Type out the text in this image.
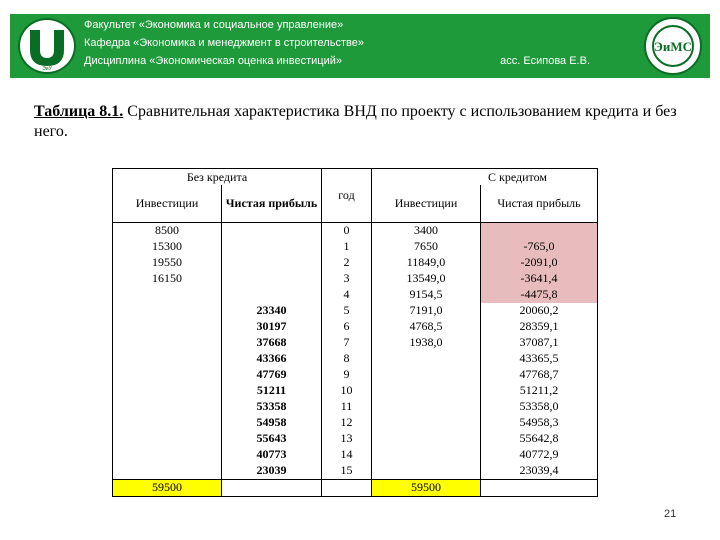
ЭиУ
Факультет «Экономика и социальное управление»
Кафедра «Экономика и менеджмент в строительстве»
Дисциплина «Экономическая оценка инвестиций»	асс. Есипова Е.В.
ЭиМС
Таблица 8.1. Сравнительная характеристика ВНД по проекту с использованием кредита и без него.
Без кредита		год	С кредитом	
Инвестиции	Чистая прибыль		Инвестиции	Чистая прибыль
8500		0	3400	
15300		1	7650	-765,0
19550		2	11849,0	-2091,0
16150		3	13549,0	-3641,4
		4	9154,5	-4475,8
	23340	5	7191,0	20060,2
	30197	6	4768,5	28359,1
	37668	7	1938,0	37087,1
	43366	8		43365,5
	47769	9		47768,7
	51211	10		51211,2
	53358	11		53358,0
	54958	12		54958,3
	55643	13		55642,8
	40773	14		40772,9
	23039	15		23039,4
59500			59500	
21
